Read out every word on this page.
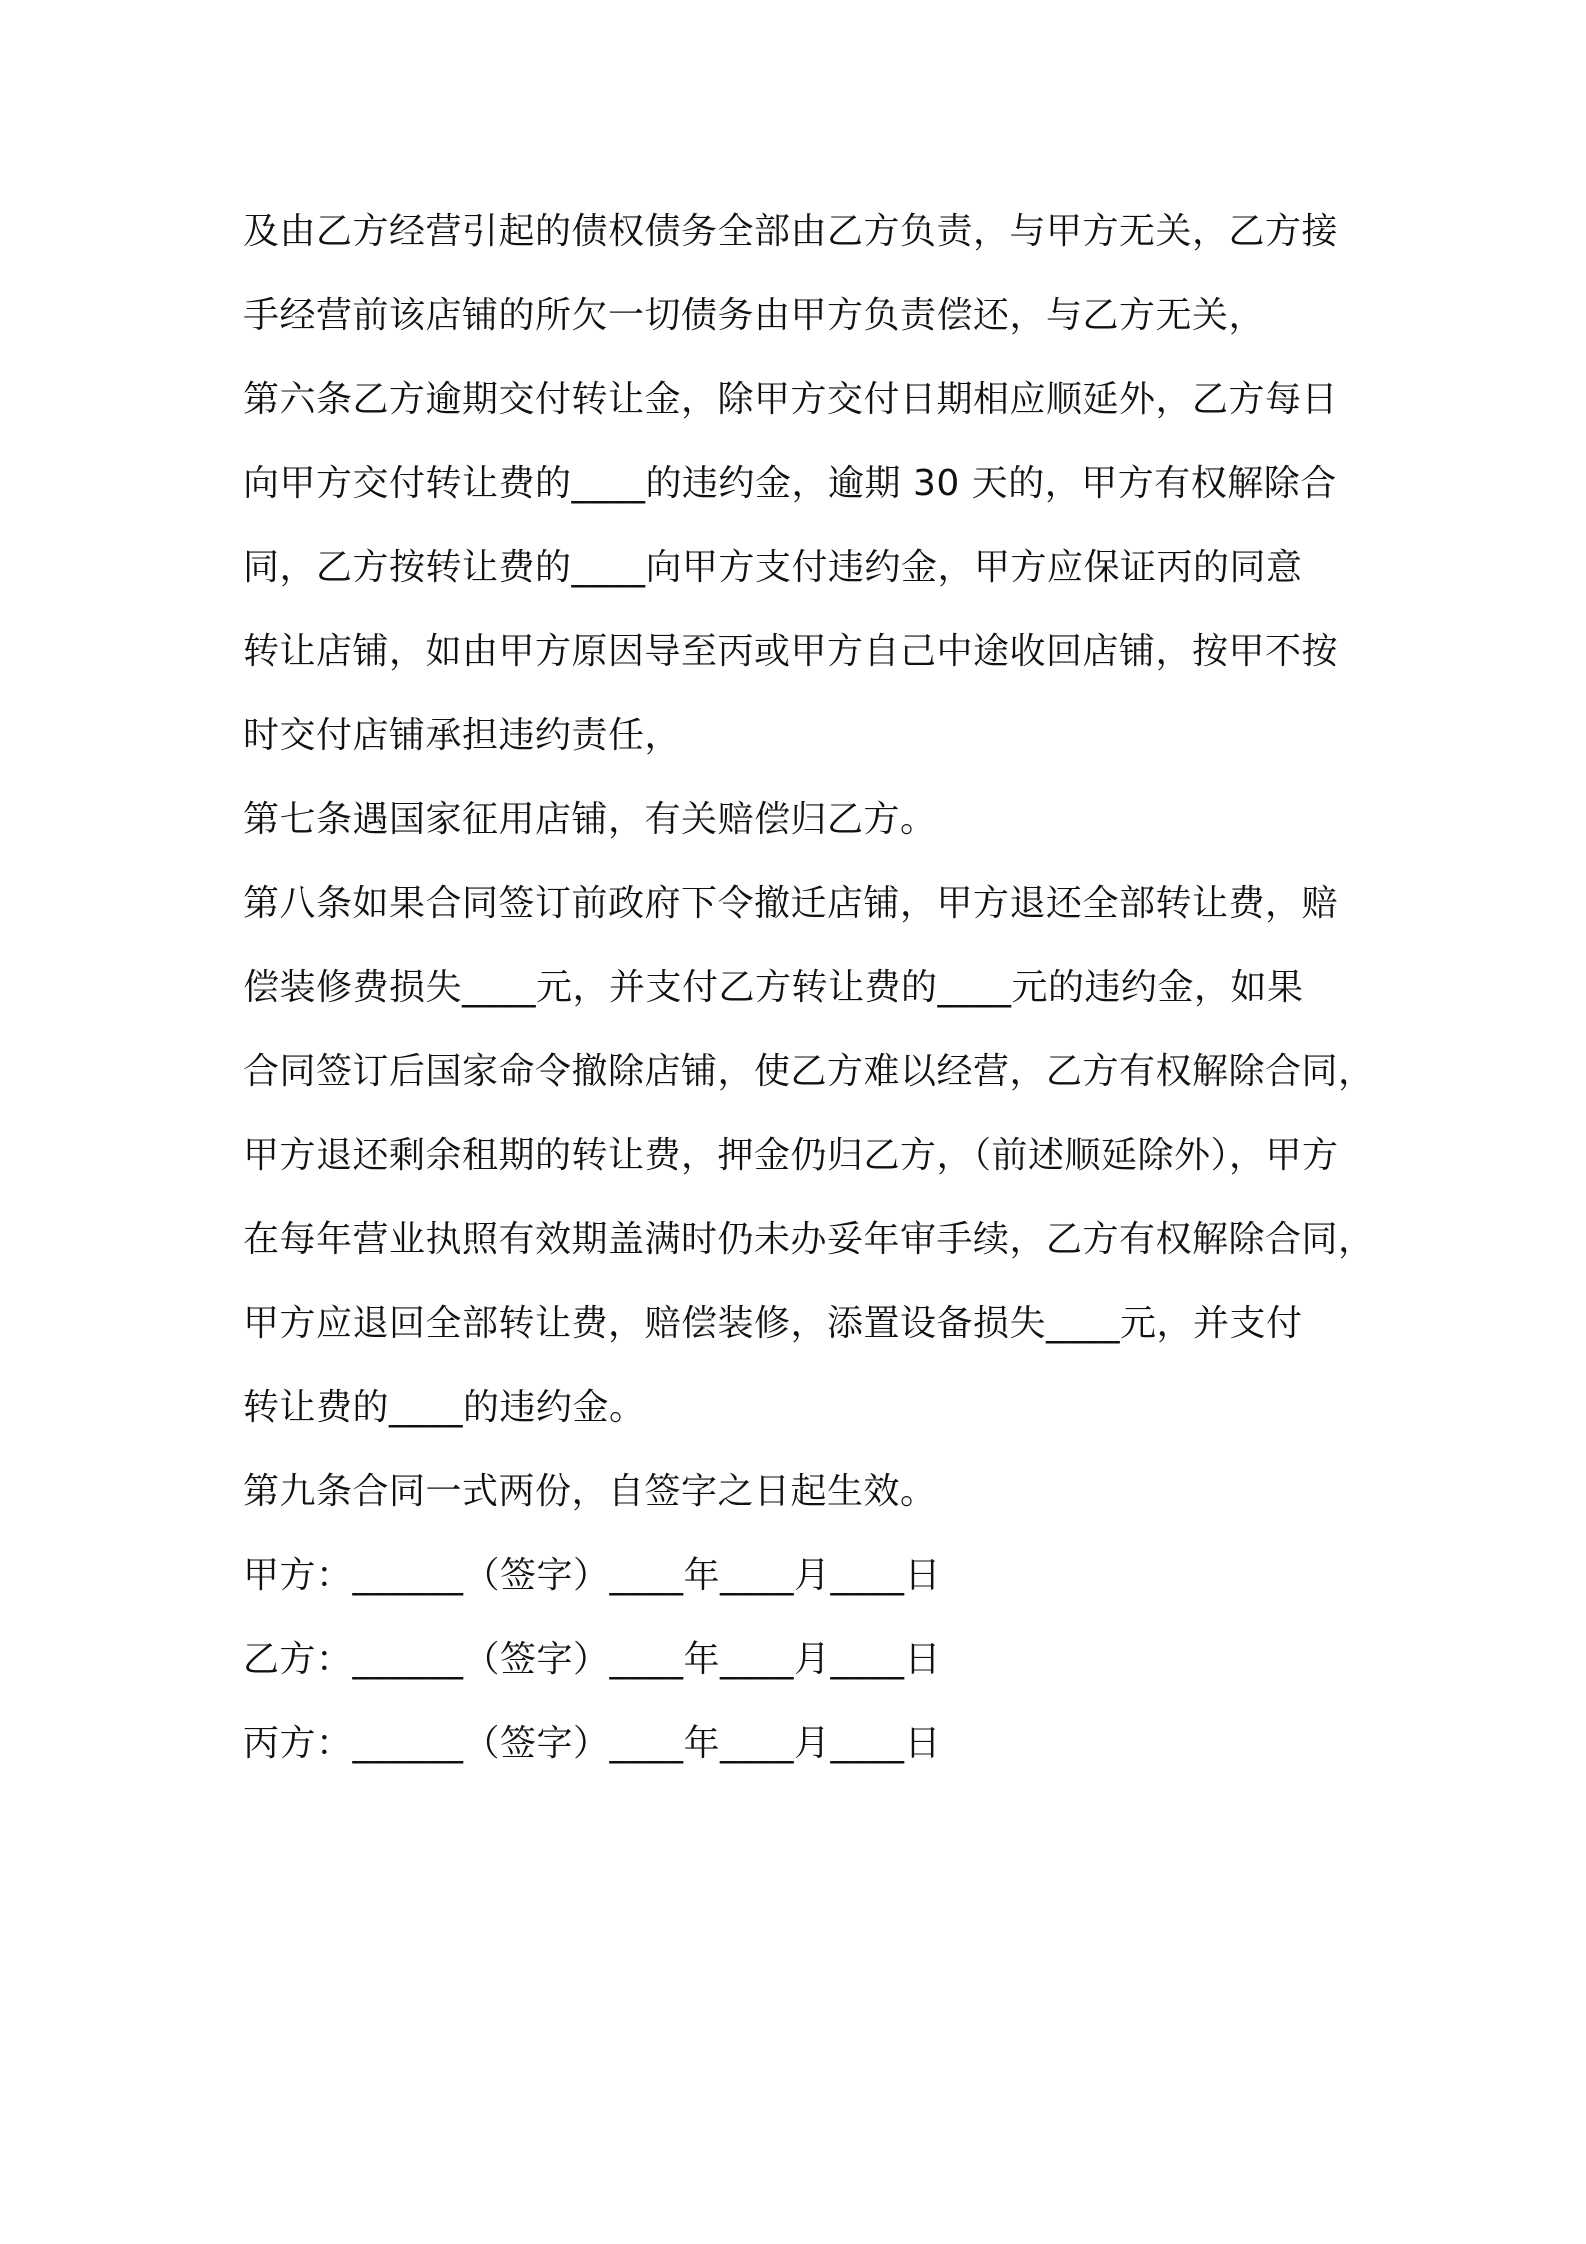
及由乙方经营引起的债权债务全部由乙方负责，与甲方无关，乙方接
手经营前该店铺的所欠一切债务由甲方负责偿还，与乙方无关，
第六条乙方逾期交付转让金，除甲方交付日期相应顺延外，乙方每日
向甲方交付转让费的____的违约金，逾期 30 天的，甲方有权解除合
同，乙方按转让费的____向甲方支付违约金，甲方应保证丙的同意
转让店铺，如由甲方原因导至丙或甲方自己中途收回店铺，按甲不按
时交付店铺承担违约责任，
第七条遇国家征用店铺，有关赔偿归乙方。
第八条如果合同签订前政府下令撤迁店铺，甲方退还全部转让费，赔
偿装修费损失____元，并支付乙方转让费的____元的违约金，如果
合同签订后国家命令撤除店铺，使乙方难以经营，乙方有权解除合同，
甲方退还剩余租期的转让费，押金仍归乙方，（前述顺延除外），甲方
在每年营业执照有效期盖满时仍未办妥年审手续，乙方有权解除合同，
甲方应退回全部转让费，赔偿装修，添置设备损失____元，并支付
转让费的____的违约金。
第九条合同一式两份，自签字之日起生效。
甲方：______（签字）____年____月____日
乙方：______（签字）____年____月____日
丙方：______（签字）____年____月____日
